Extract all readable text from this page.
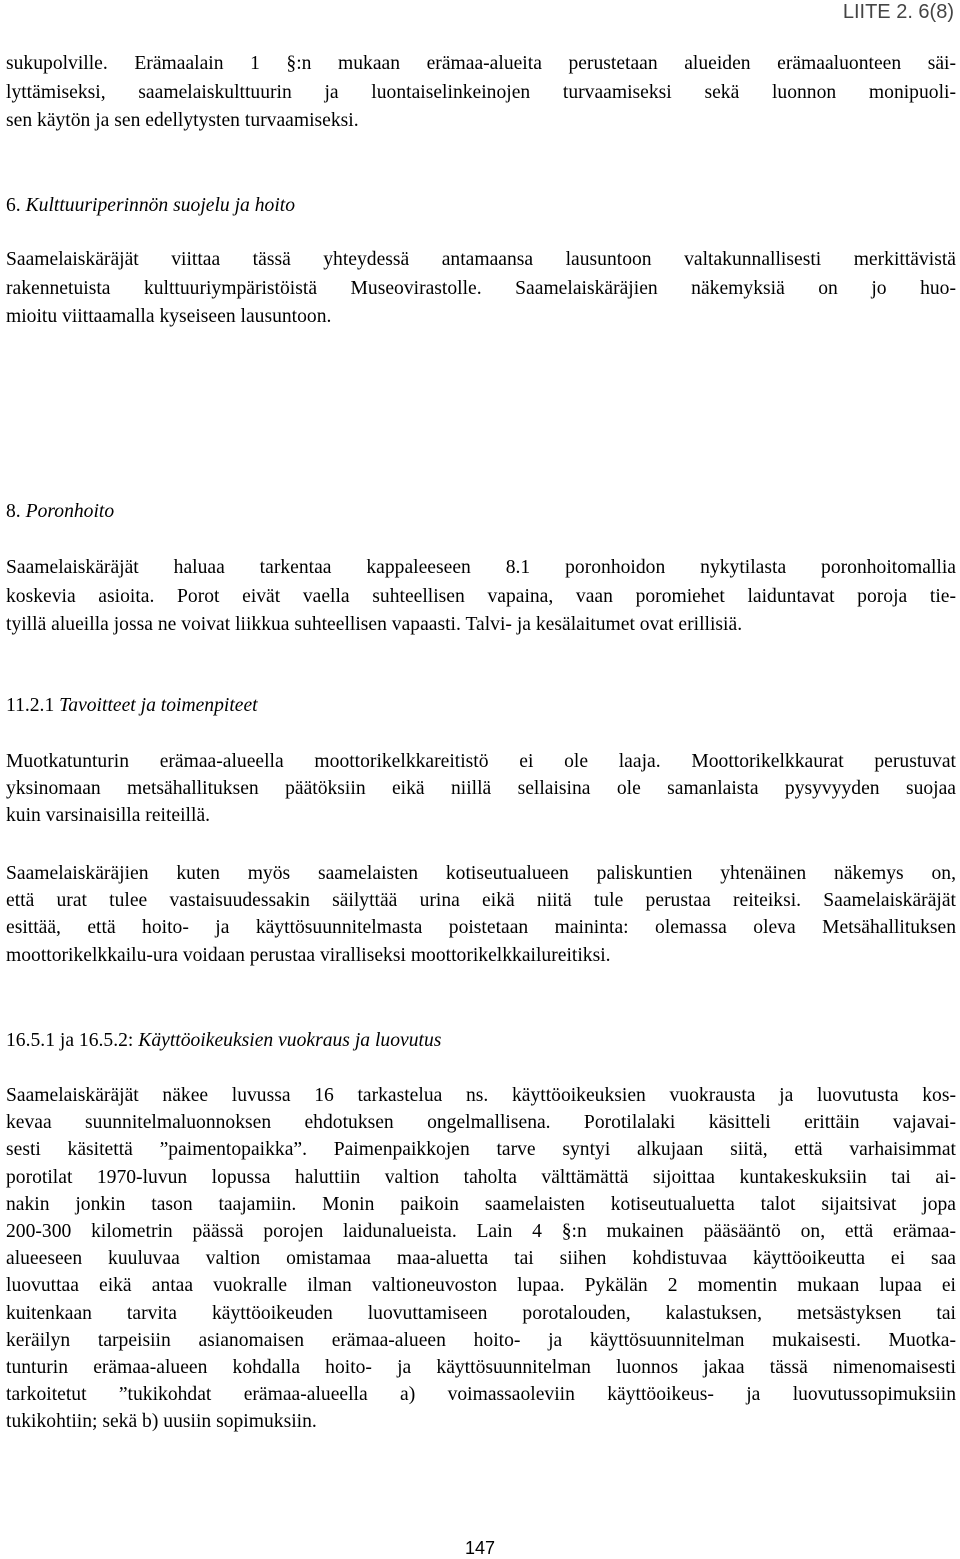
LIITE 2. 6(8)
sukupolville. Erämaalain 1 §:n mukaan erämaa-alueita perustetaan alueiden erämaaluonteen säi-
lyttämiseksi, saamelaiskulttuurin ja luontaiselinkeinojen turvaamiseksi sekä luonnon monipuoli-
sen käytön ja sen edellytysten turvaamiseksi.
6. Kulttuuriperinnön suojelu ja hoito
Saamelaiskäräjät viittaa tässä yhteydessä antamaansa lausuntoon valtakunnallisesti merkittävistä
rakennetuista kulttuuriympäristöistä Museovirastolle. Saamelaiskäräjien näkemyksiä on jo huo-
mioitu viittaamalla kyseiseen lausuntoon.
8. Poronhoito
Saamelaiskäräjät haluaa tarkentaa kappaleeseen 8.1 poronhoidon nykytilasta poronhoitomallia
koskevia asioita. Porot eivät vaella suhteellisen vapaina, vaan poromiehet laiduntavat poroja tie-
tyillä alueilla jossa ne voivat liikkua suhteellisen vapaasti. Talvi- ja kesälaitumet ovat erillisiä.
11.2.1 Tavoitteet ja toimenpiteet
Muotkatunturin erämaa-alueella moottorikelkkareitistö ei ole laaja. Moottorikelkkaurat perustuvat
yksinomaan metsähallituksen päätöksiin eikä niillä sellaisina ole samanlaista pysyvyyden suojaa
kuin varsinaisilla reiteillä.
Saamelaiskäräjien kuten myös saamelaisten kotiseutualueen paliskuntien yhtenäinen näkemys on,
että urat tulee vastaisuudessakin säilyttää urina eikä niitä tule perustaa reiteiksi. Saamelaiskäräjät
esittää, että hoito- ja käyttösuunnitelmasta poistetaan maininta: olemassa oleva Metsähallituksen
moottorikelkkailu-ura voidaan perustaa viralliseksi moottorikelkkailureitiksi.
16.5.1 ja 16.5.2: Käyttöoikeuksien vuokraus ja luovutus
Saamelaiskäräjät näkee luvussa 16 tarkastelua ns. käyttöoikeuksien vuokrausta ja luovutusta kos-
kevaa suunnitelmaluonnoksen ehdotuksen ongelmallisena. Porotilalaki käsitteli erittäin vajavai-
sesti käsitettä ”paimentopaikka”. Paimenpaikkojen tarve syntyi alkujaan siitä, että varhaisimmat
porotilat 1970-luvun lopussa haluttiin valtion taholta välttämättä sijoittaa kuntakeskuksiin tai ai-
nakin jonkin tason taajamiin. Monin paikoin saamelaisten kotiseutualuetta talot sijaitsivat jopa
200-300 kilometrin päässä porojen laidunalueista. Lain 4 §:n mukainen pääsääntö on, että erämaa-
alueeseen kuuluvaa valtion omistamaa maa-aluetta tai siihen kohdistuvaa käyttöoikeutta ei saa
luovuttaa eikä antaa vuokralle ilman valtioneuvoston lupaa. Pykälän 2 momentin mukaan lupaa ei
kuitenkaan tarvita käyttöoikeuden luovuttamiseen porotalouden, kalastuksen, metsästyksen tai
keräilyn tarpeisiin asianomaisen erämaa-alueen hoito- ja käyttösuunnitelman mukaisesti. Muotka-
tunturin erämaa-alueen kohdalla hoito- ja käyttösuunnitelman luonnos jakaa tässä nimenomaisesti
tarkoitetut ”tukikohdat erämaa-alueella a) voimassaoleviin käyttöoikeus- ja luovutussopimuksiin
tukikohtiin; sekä b) uusiin sopimuksiin.
147
